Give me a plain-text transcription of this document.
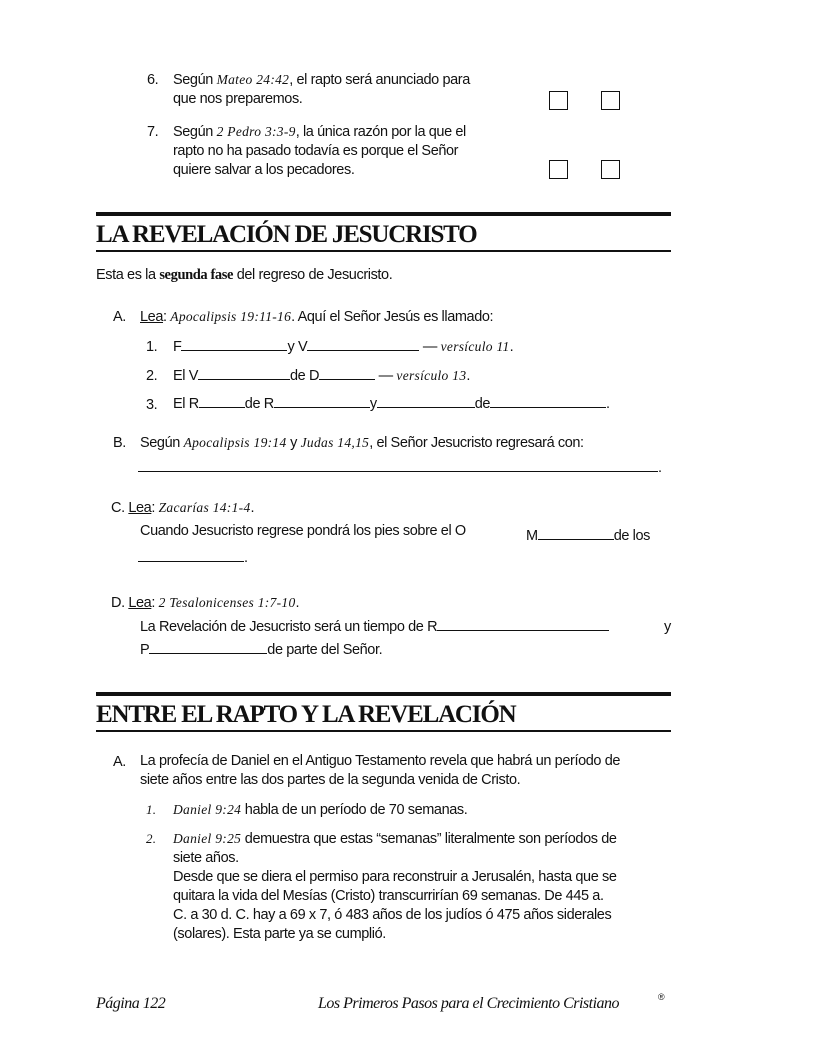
6. Según Mateo 24:42, el rapto será anunciado para
que nos preparemos.
7. Según 2 Pedro 3:3-9, la única razón por la que el
rapto no ha pasado todavía es porque el Señor
quiere salvar a los pecadores.
LA REVELACIÓN DE JESUCRISTO
Esta es la segunda fase del regreso de Jesucristo.
A. Lea: Apocalipsis 19:11-16. Aquí el Señor Jesús es llamado:
1. F	y V	— versículo 11.
2. El V	de D	— versículo 13.
3. El R	de R	y	de	.
B. Según Apocalipsis 19:14 y Judas 14,15, el Señor Jesucristo regresará con:
.
C. Lea: Zacarías 14:1-4.
Cuando Jesucristo regrese pondrá los pies sobre el O	M	de los
.
D. Lea: 2 Tesalonicenses 1:7-10.
La Revelación de Jesucristo será un tiempo de R	y
P	de parte del Señor.
ENTRE EL RAPTO Y LA REVELACIÓN
A. La profecía de Daniel en el Antiguo Testamento revela que habrá un período de
siete años entre las dos partes de la segunda venida de Cristo.
1. Daniel 9:24 habla de un período de 70 semanas.
2. Daniel 9:25 demuestra que estas “semanas” literalmente son períodos de
siete años.
Desde que se diera el permiso para reconstruir a Jerusalén, hasta que se
quitara la vida del Mesías (Cristo) transcurrirían 69 semanas. De 445 a.
C. a 30 d. C. hay a 69 x 7, ó 483 años de los judíos ó 475 años siderales
(solares). Esta parte ya se cumplió.
Página 122	Los Primeros Pasos para el Crecimiento Cristiano	®
